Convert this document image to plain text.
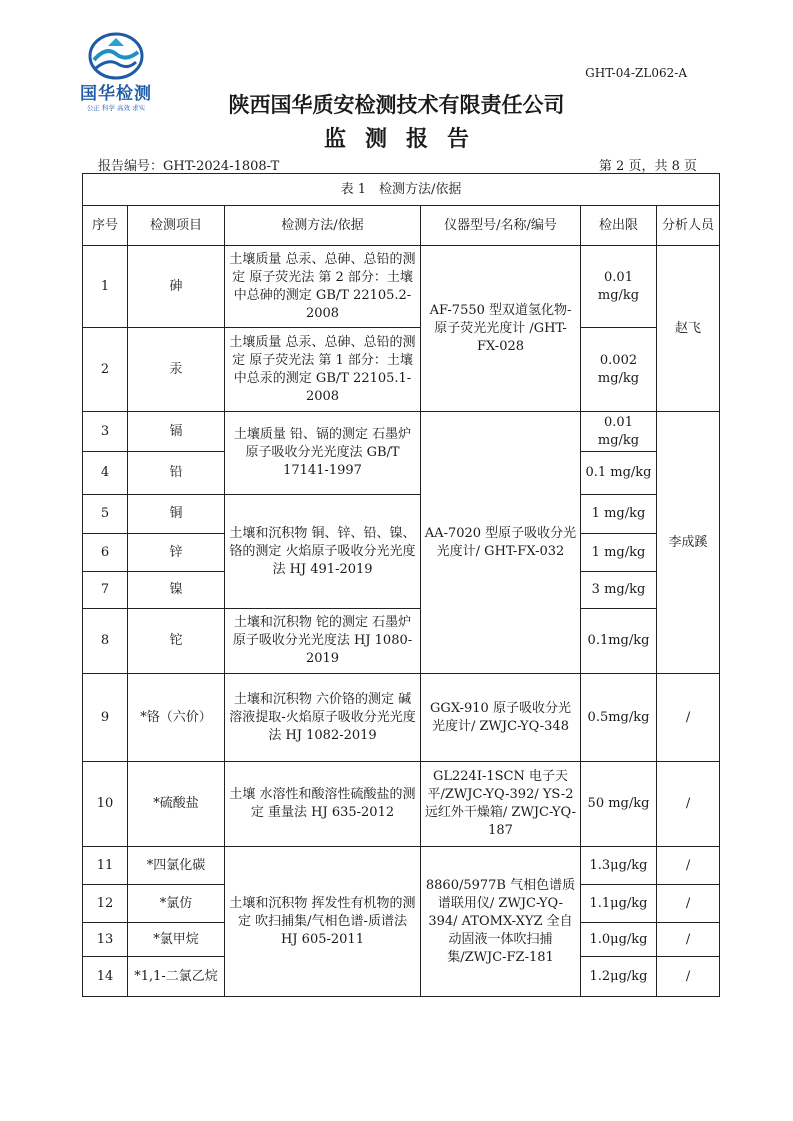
国华检测
公正 科学 高效 求实
GHT-04-ZL062-A
陕西国华质安检测技术有限责任公司
监测报告
报告编号：GHT-2024-1808-T	第 2 页，共 8 页
表 1　检测方法/依据					
序号	检测项目	检测方法/依据	仪器型号/名称/编号	检出限	分析人员
1	砷	土壤质量 总汞、总砷、总铅的测定 原子荧光法 第 2 部分：土壤中总砷的测定 GB/T 22105.2-2008	AF-7550 型双道氢化物-原子荧光光度计 /GHT-FX-028	0.01 mg/kg	赵飞
2	汞	土壤质量 总汞、总砷、总铅的测定 原子荧光法 第 1 部分：土壤中总汞的测定 GB/T 22105.1-2008		0.002 mg/kg	
3	镉	土壤质量 铅、镉的测定 石墨炉原子吸收分光光度法 GB/T 17141-1997	AA-7020 型原子吸收分光光度计/ GHT-FX-032	0.01 mg/kg	李成蹊
4	铅			0.1 mg/kg	
5	铜	土壤和沉积物 铜、锌、铅、镍、铬的测定 火焰原子吸收分光光度法 HJ 491-2019		1 mg/kg	
6	锌			1 mg/kg	
7	镍			3 mg/kg	
8	铊	土壤和沉积物 铊的测定 石墨炉原子吸收分光光度法 HJ 1080-2019		0.1mg/kg	
9	*铬（六价）	土壤和沉积物 六价铬的测定 碱溶液提取-火焰原子吸收分光光度法 HJ 1082-2019	GGX-910 原子吸收分光光度计/ ZWJC-YQ-348	0.5mg/kg	/
10	*硫酸盐	土壤 水溶性和酸溶性硫酸盐的测定 重量法 HJ 635-2012	GL224I-1SCN 电子天平/ZWJC-YQ-392/ YS-2 远红外干燥箱/ ZWJC-YQ-187	50 mg/kg	/
11	*四氯化碳	土壤和沉积物 挥发性有机物的测定 吹扫捕集/气相色谱-质谱法 HJ 605-2011	8860/5977B 气相色谱质谱联用仪/ ZWJC-YQ-394/ ATOMX-XYZ 全自动固液一体吹扫捕集/ZWJC-FZ-181	1.3μg/kg	/
12	*氯仿			1.1μg/kg	/
13	*氯甲烷			1.0μg/kg	/
14	*1,1-二氯乙烷			1.2μg/kg	/
